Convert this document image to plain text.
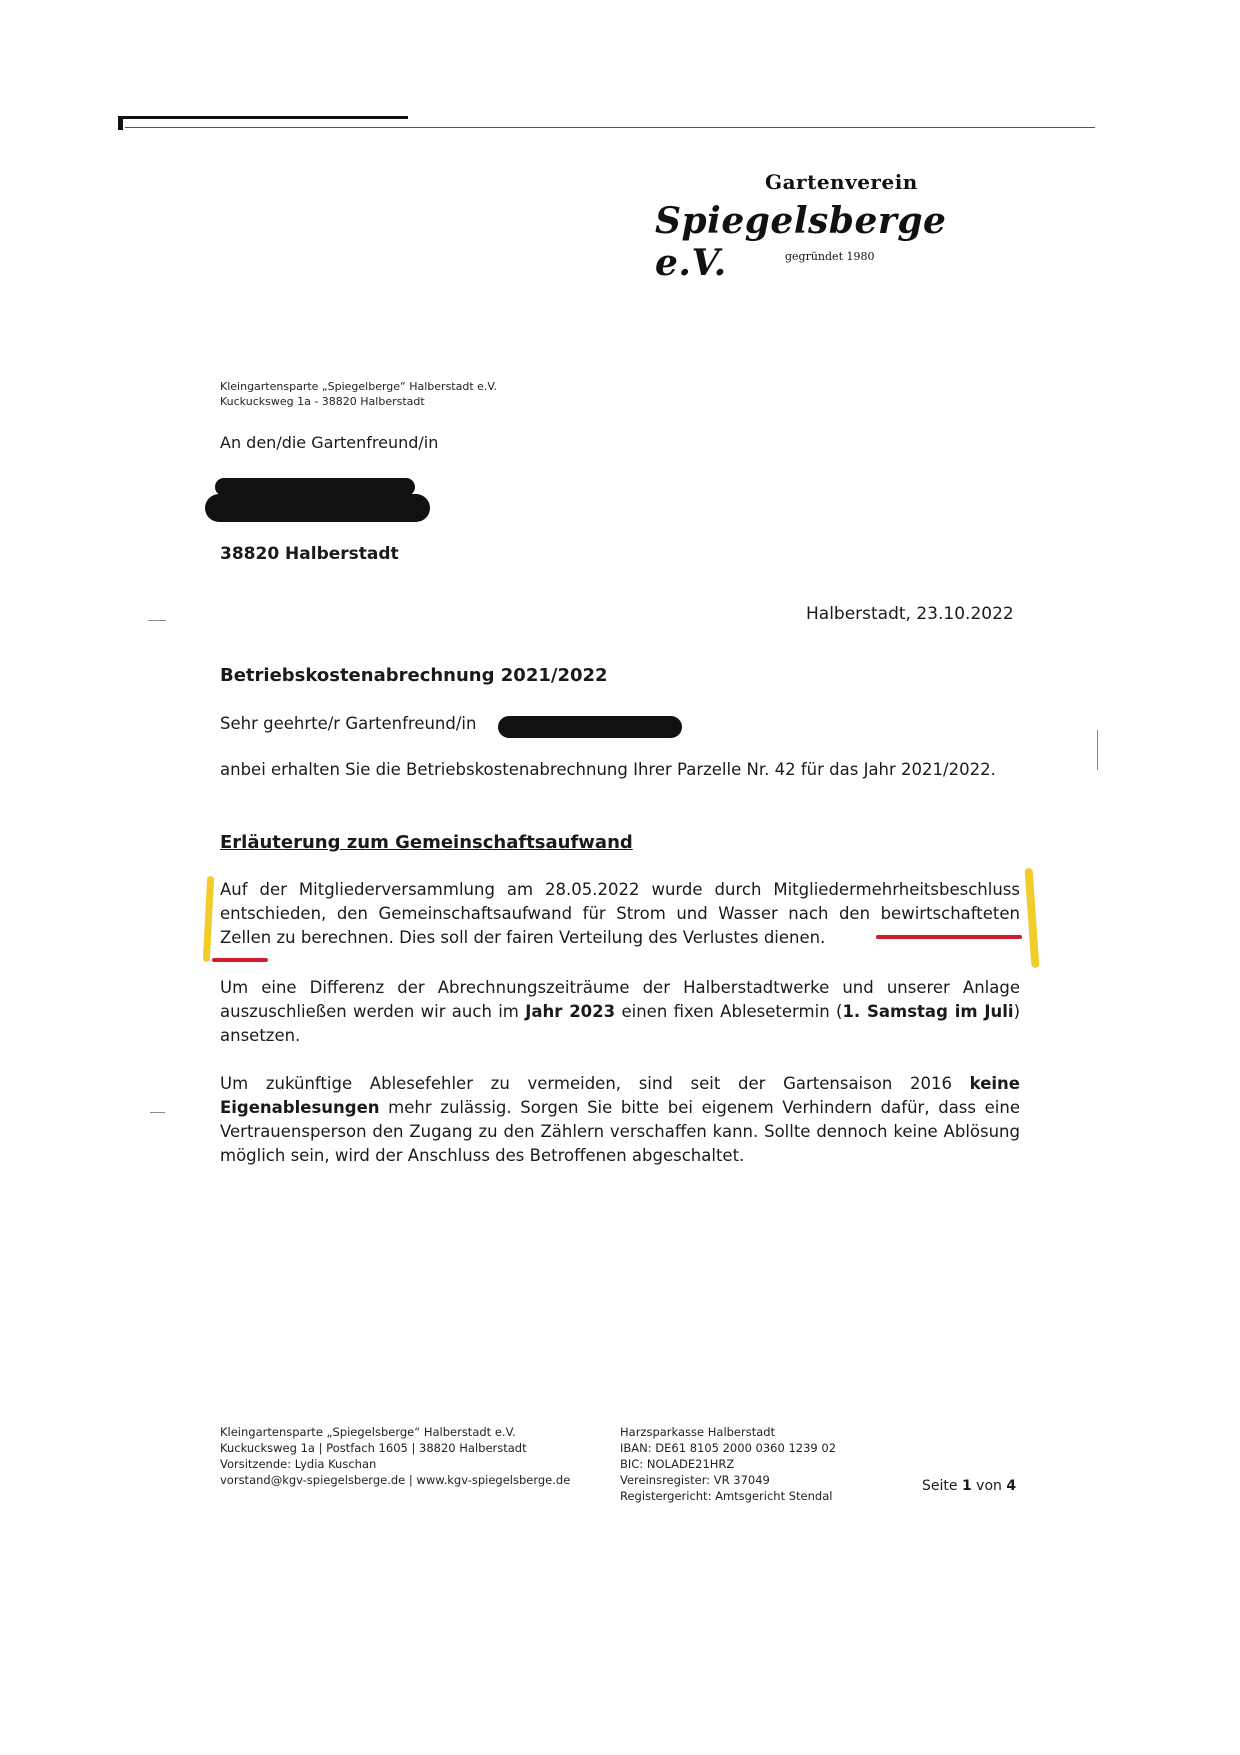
Gartenverein
Spiegelsberge e.V.	gegründet 1980
Kleingartensparte „Spiegelberge“ Halberstadt e.V.
Kuckucksweg 1a - 38820 Halberstadt
An den/die Gartenfreund/in
38820 Halberstadt
Halberstadt, 23.10.2022
Betriebskostenabrechnung 2021/2022
Sehr geehrte/r Gartenfreund/in
anbei erhalten Sie die Betriebskostenabrechnung Ihrer Parzelle Nr. 42 für das Jahr 2021/2022.
Erläuterung zum Gemeinschaftsaufwand
Auf der Mitgliederversammlung am 28.05.2022 wurde durch Mitgliedermehrheitsbeschluss entschieden, den Gemeinschaftsaufwand für Strom und Wasser nach den bewirtschafteten Zellen zu berechnen. Dies soll der fairen Verteilung des Verlustes dienen.
Um eine Differenz der Abrechnungszeiträume der Halberstadtwerke und unserer Anlage auszuschließen werden wir auch im Jahr 2023 einen fixen Ablesetermin (1. Samstag im Juli) ansetzen.
Um zukünftige Ablesefehler zu vermeiden, sind seit der Gartensaison 2016 keine Eigenablesungen mehr zulässig. Sorgen Sie bitte bei eigenem Verhindern dafür, dass eine Vertrauensperson den Zugang zu den Zählern verschaffen kann. Sollte dennoch keine Ablösung möglich sein, wird der Anschluss des Betroffenen abgeschaltet.
Kleingartensparte „Spiegelsberge“ Halberstadt e.V.
Kuckucksweg 1a | Postfach 1605 | 38820 Halberstadt
Vorsitzende: Lydia Kuschan
vorstand@kgv-spiegelsberge.de | www.kgv-spiegelsberge.de
Harzsparkasse Halberstadt
IBAN: DE61 8105 2000 0360 1239 02
BIC: NOLADE21HRZ
Vereinsregister: VR 37049
Registergericht: Amtsgericht Stendal
Seite 1 von 4
